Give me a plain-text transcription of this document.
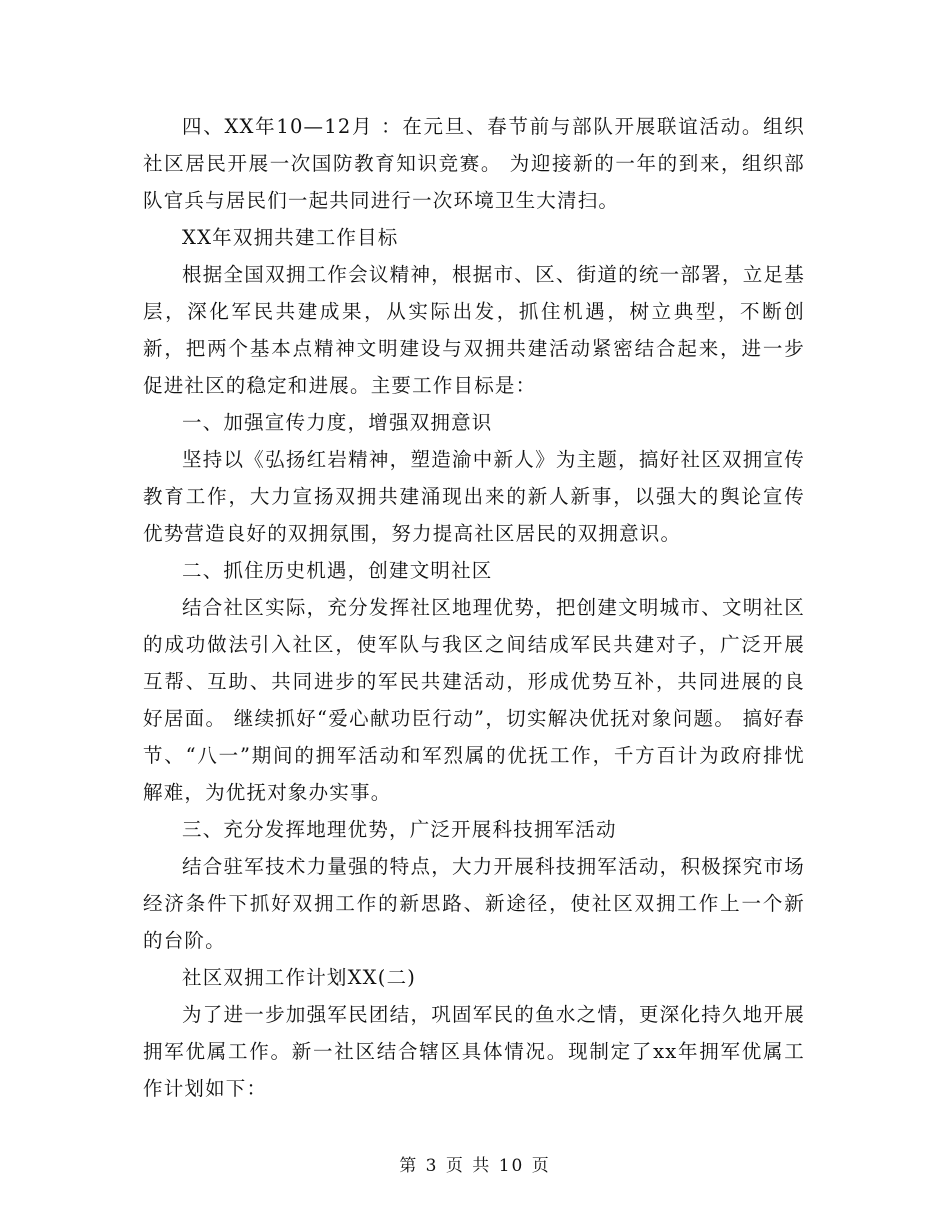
四、XX年10—12月 ：在元旦、春节前与部队开展联谊活动。组织社区居民开展一次国防教育知识竞赛。 为迎接新的一年的到来，组织部队官兵与居民们一起共同进行一次环境卫生大清扫。

XX年双拥共建工作目标

根据全国双拥工作会议精神，根据市、区、街道的统一部署，立足基层，深化军民共建成果，从实际出发，抓住机遇，树立典型，不断创新，把两个基本点精神文明建设与双拥共建活动紧密结合起来，进一步促进社区的稳定和进展。主要工作目标是：

一、加强宣传力度，增强双拥意识

坚持以《弘扬红岩精神，塑造渝中新人》为主题，搞好社区双拥宣传教育工作，大力宣扬双拥共建涌现出来的新人新事，以强大的舆论宣传优势营造良好的双拥氛围，努力提高社区居民的双拥意识。

二、抓住历史机遇，创建文明社区

结合社区实际，充分发挥社区地理优势，把创建文明城市、文明社区的成功做法引入社区，使军队与我区之间结成军民共建对子，广泛开展互帮、互助、共同进步的军民共建活动，形成优势互补，共同进展的良好居面。 继续抓好“爱心献功臣行动”，切实解决优抚对象问题。 搞好春节、“八一”期间的拥军活动和军烈属的优抚工作，千方百计为政府排忧解难，为优抚对象办实事。

三、充分发挥地理优势，广泛开展科技拥军活动

结合驻军技术力量强的特点，大力开展科技拥军活动，积极探究市场经济条件下抓好双拥工作的新思路、新途径，使社区双拥工作上一个新的台阶。

社区双拥工作计划XX(二)

为了进一步加强军民团结，巩固军民的鱼水之情，更深化持久地开展拥军优属工作。新一社区结合辖区具体情况。现制定了xx年拥军优属工作计划如下：

第 3 页 共 10 页
